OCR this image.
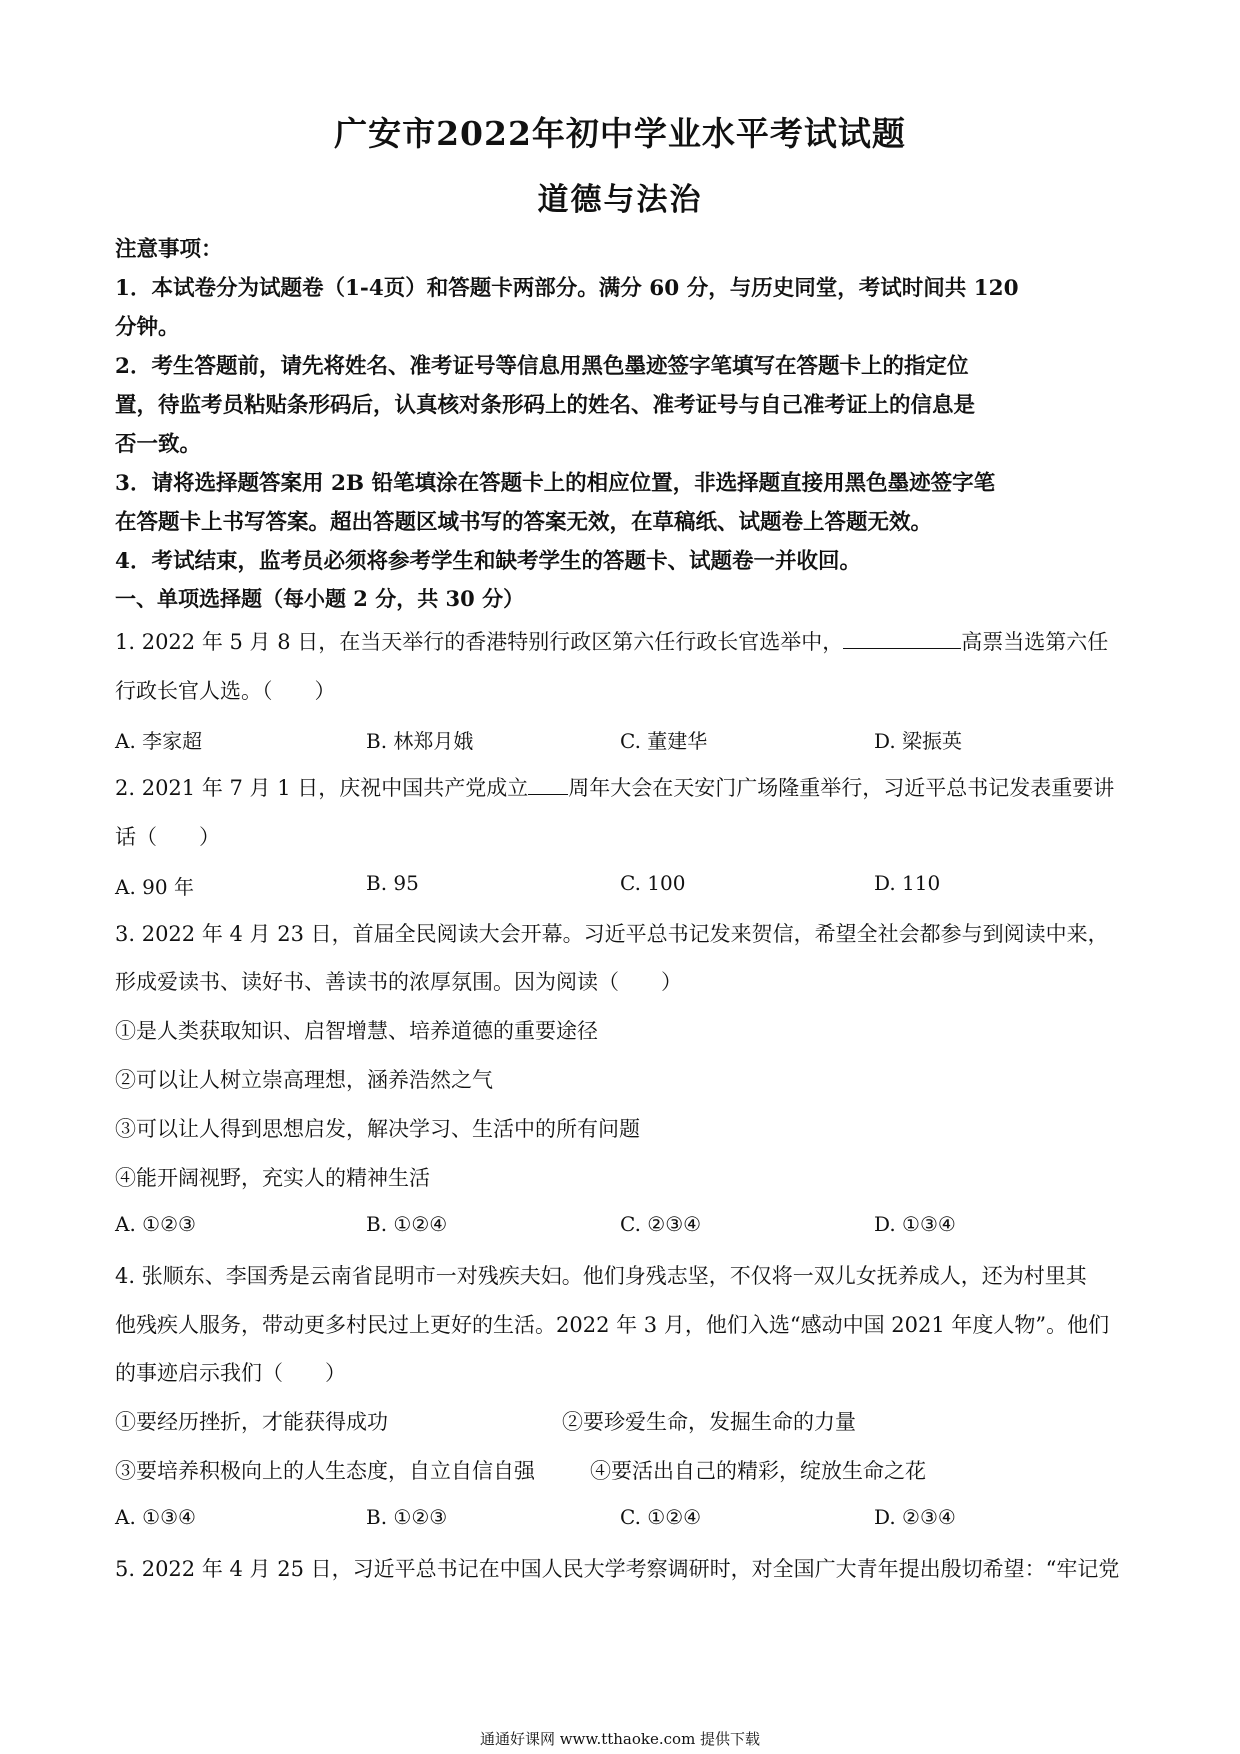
广安市2022年初中学业水平考试试题
道德与法治
注意事项：
1．本试卷分为试题卷（1-4页）和答题卡两部分。满分 60 分，与历史同堂，考试时间共 120
分钟。
2．考生答题前，请先将姓名、准考证号等信息用黑色墨迹签字笔填写在答题卡上的指定位
置，待监考员粘贴条形码后，认真核对条形码上的姓名、准考证号与自己准考证上的信息是
否一致。
3．请将选择题答案用 2B 铅笔填涂在答题卡上的相应位置，非选择题直接用黑色墨迹签字笔
在答题卡上书写答案。超出答题区域书写的答案无效，在草稿纸、试题卷上答题无效。
4．考试结束，监考员必须将参考学生和缺考学生的答题卡、试题卷一并收回。
一、单项选择题（每小题 2 分，共 30 分）
1. 2022 年 5 月 8 日，在当天举行的香港特别行政区第六任行政长官选举中，	高票当选第六任
行政长官人选。（　　）
A. 李家超	B. 林郑月娥	C. 董建华	D. 梁振英
2. 2021 年 7 月 1 日，庆祝中国共产党成立 周年大会在天安门广场隆重举行，习近平总书记发表重要讲
话（　　）
A. 90 年	B. 95	C. 100	D. 110
3. 2022 年 4 月 23 日，首届全民阅读大会开幕。习近平总书记发来贺信，希望全社会都参与到阅读中来，
形成爱读书、读好书、善读书的浓厚氛围。因为阅读（　　）
①是人类获取知识、启智增慧、培养道德的重要途径
②可以让人树立崇高理想，涵养浩然之气
③可以让人得到思想启发，解决学习、生活中的所有问题
④能开阔视野，充实人的精神生活
A. ①②③	B. ①②④	C. ②③④	D. ①③④
4. 张顺东、李国秀是云南省昆明市一对残疾夫妇。他们身残志坚，不仅将一双儿女抚养成人，还为村里其
他残疾人服务，带动更多村民过上更好的生活。2022 年 3 月，他们入选“感动中国 2021 年度人物”。他们
的事迹启示我们（　　）
①要经历挫折，才能获得成功	②要珍爱生命，发掘生命的力量
③要培养积极向上的人生态度，自立自信自强	④要活出自己的精彩，绽放生命之花
A. ①③④	B. ①②③	C. ①②④	D. ②③④
5. 2022 年 4 月 25 日，习近平总书记在中国人民大学考察调研时，对全国广大青年提出殷切希望：“牢记党
通通好课网 www.tthaoke.com 提供下载
